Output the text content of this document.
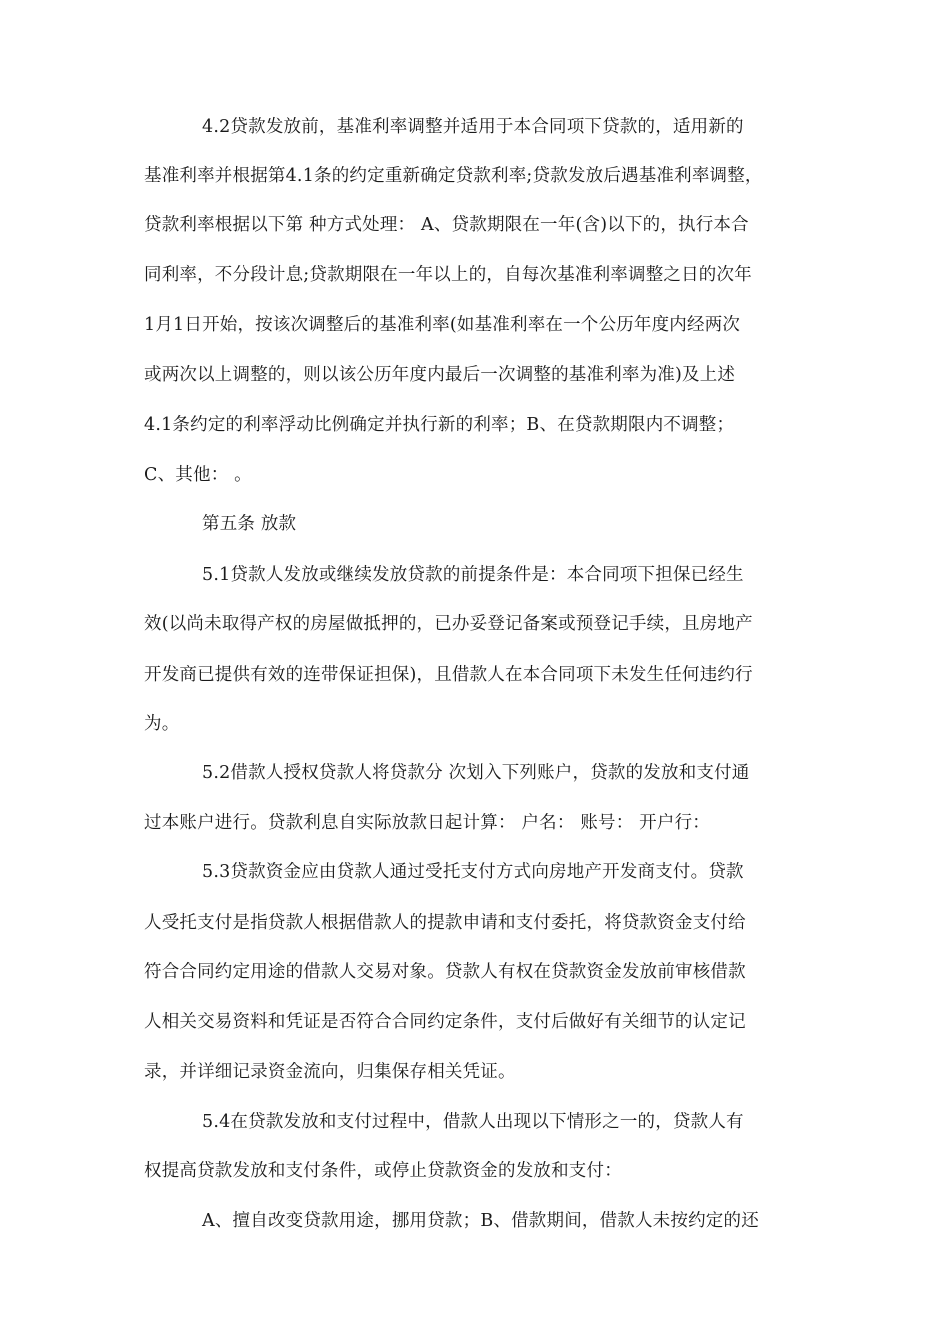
4.2贷款发放前，基准利率调整并适用于本合同项下贷款的，适用新的
基准利率并根据第4.1条的约定重新确定贷款利率;贷款发放后遇基准利率调整，
贷款利率根据以下第 种方式处理： A、贷款期限在一年(含)以下的，执行本合
同利率，不分段计息;贷款期限在一年以上的，自每次基准利率调整之日的次年
1月1日开始，按该次调整后的基准利率(如基准利率在一个公历年度内经两次
或两次以上调整的，则以该公历年度内最后一次调整的基准利率为准)及上述
4.1条约定的利率浮动比例确定并执行新的利率；B、在贷款期限内不调整；
C、其他： 。
第五条 放款
5.1贷款人发放或继续发放贷款的前提条件是：本合同项下担保已经生
效(以尚未取得产权的房屋做抵押的，已办妥登记备案或预登记手续，且房地产
开发商已提供有效的连带保证担保)，且借款人在本合同项下未发生任何违约行
为。
5.2借款人授权贷款人将贷款分 次划入下列账户，贷款的发放和支付通
过本账户进行。贷款利息自实际放款日起计算： 户名： 账号： 开户行：
5.3贷款资金应由贷款人通过受托支付方式向房地产开发商支付。贷款
人受托支付是指贷款人根据借款人的提款申请和支付委托，将贷款资金支付给
符合合同约定用途的借款人交易对象。贷款人有权在贷款资金发放前审核借款
人相关交易资料和凭证是否符合合同约定条件，支付后做好有关细节的认定记
录，并详细记录资金流向，归集保存相关凭证。
5.4在贷款发放和支付过程中，借款人出现以下情形之一的，贷款人有
权提高贷款发放和支付条件，或停止贷款资金的发放和支付：
A、擅自改变贷款用途，挪用贷款；B、借款期间，借款人未按约定的还
